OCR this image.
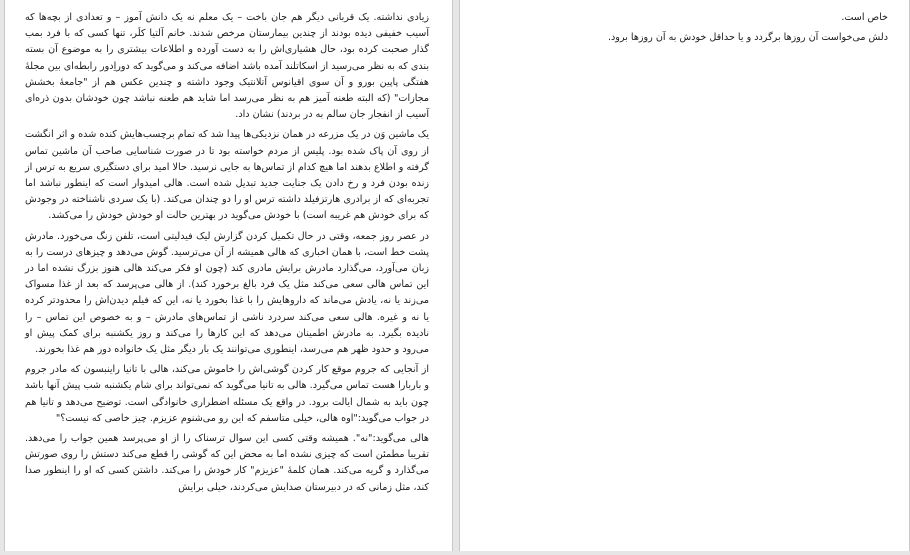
زیادی نداشته. یک قربانی دیگر هم جان باخت – یک معلم نه یک دانش آموز – و تعدادی از بچه‌ها که آسیب خفیفی دیده بودند از چندین بیمارستان مرخص شدند. خانم آلتیا کلَر، تنها کسی که با فرد بمب گذار صحبت کرده بود، حال هشیاری‌اش را به دست آورده و اطلاعات بیشتری را به موضوع آن بسته بندی که به نظر می‌رسید از اسکاتلند آمده باشد اضافه می‌کند و می‌گوید که دوراِدور رابطه‌ای بین مجلهٔ هفتگی پاپین بورو و آن سوی اقیانوس آتلانتیک وجود داشته و چندین عکس هم از "جامعهٔ بخشش مجازات" (که البته طعنه آمیز هم به نظر می‌رسد اما شاید هم طعنه نباشد چون خودشان بدون ذره‌ای آسیب از انفجار جان سالم به در بردند) نشان داد.

یک ماشین وَن در یک مزرعه در همان نزدیکی‌ها پیدا شد که تمام برچسب‌هایش کنده شده و اثر انگشت از روی آن پاک شده بود. پلیس از مردم خواسته بود تا در صورت شناسایی صاحب آن ماشین تماس گرفته و اطلاع بدهند اما هیچ کدام از تماس‌ها به جایی نرسید. حالا امید برای دستگیری سریع به ترس از زنده بودن فرد و رخ دادن یک جنایت جدید تبدیل شده است. هالی امیدوار است که اینطور نباشد اما تجربه‌ای که از برادری هارتزفیلد داشته ترس او را دو چندان می‌کند. (با یک سردی ناشناخته در وجودش که برای خودش هم غریبه است) با خودش می‌گوید در بهترین حالت او خودش خودش را می‌کشد.

در عصر روز جمعه، وقتی در حال تکمیل کردن گزارش لیک فیدلیتی است، تلفن زنگ می‌خورد. مادرش پشت خط است، با همان اخباری که هالی همیشه از آن می‌ترسید. گوش می‌دهد و چیزهای درست را به زبان می‌آورد، می‌گذارد مادرش برایش مادری کند (چون او فکر می‌کند هالی هنوز بزرگ نشده اما در این تماس هالی سعی می‌کند مثل یک فرد بالغ برخورد کند). از هالی می‌پرسد که بعد از غذا مسواک می‌زند یا نه، یادش می‌ماند که داروهایش را با غذا بخورد یا نه، این که فیلم دیدن‌اش را محدودتر کرده یا نه و غیره. هالی سعی می‌کند سردرد ناشی از تماس‌های مادرش – و به خصوص این تماس – را نادیده بگیرد. به مادرش اطمینان می‌دهد که این کارها را می‌کند و روز یکشنبه برای کمک پیش او می‌رود و حدود ظهر هم می‌رسد، اینطوری می‌توانند یک بار دیگر مثل یک خانواده دور هم غذا بخورند.

از آنجایی که جروم موقع کار کردن گوشی‌اش را خاموش می‌کند، هالی با تانیا راینبسون که مادر جروم و باربارا هست تماس می‌گیرد. هالی به تانیا می‌گوید که نمی‌تواند برای شام یکشنبه شب پیش آنها باشد چون باید به شمال ایالت برود. در واقع یک مسئله اضطراری خانوادگی است. توضیح می‌دهد و تانیا هم در جواب می‌گوید:"اوه هالی، خیلی متاسفم که این رو می‌شنوم عزیزم. چیز خاصی که نیست؟"

هالی می‌گوید:"نه". همیشه وقتی کسی این سوال ترسناک را از او می‌پرسد همین جواب را می‌دهد. تقریبا مطمئن است که چیزی نشده اما به محض این که گوشی را قطع می‌کند دستش را روی صورتش می‌گذارد و گریه می‌کند. همان کلمهٔ "عزیزم" کار خودش را می‌کند. داشتن کسی که او را اینطور صدا کند، مثل زمانی که در دبیرستان صدایش می‌کردند، خیلی برایش

خاص است.

دلش می‌خواست آن روزها برگردد و یا حداقل خودش به آن روزها برود.
